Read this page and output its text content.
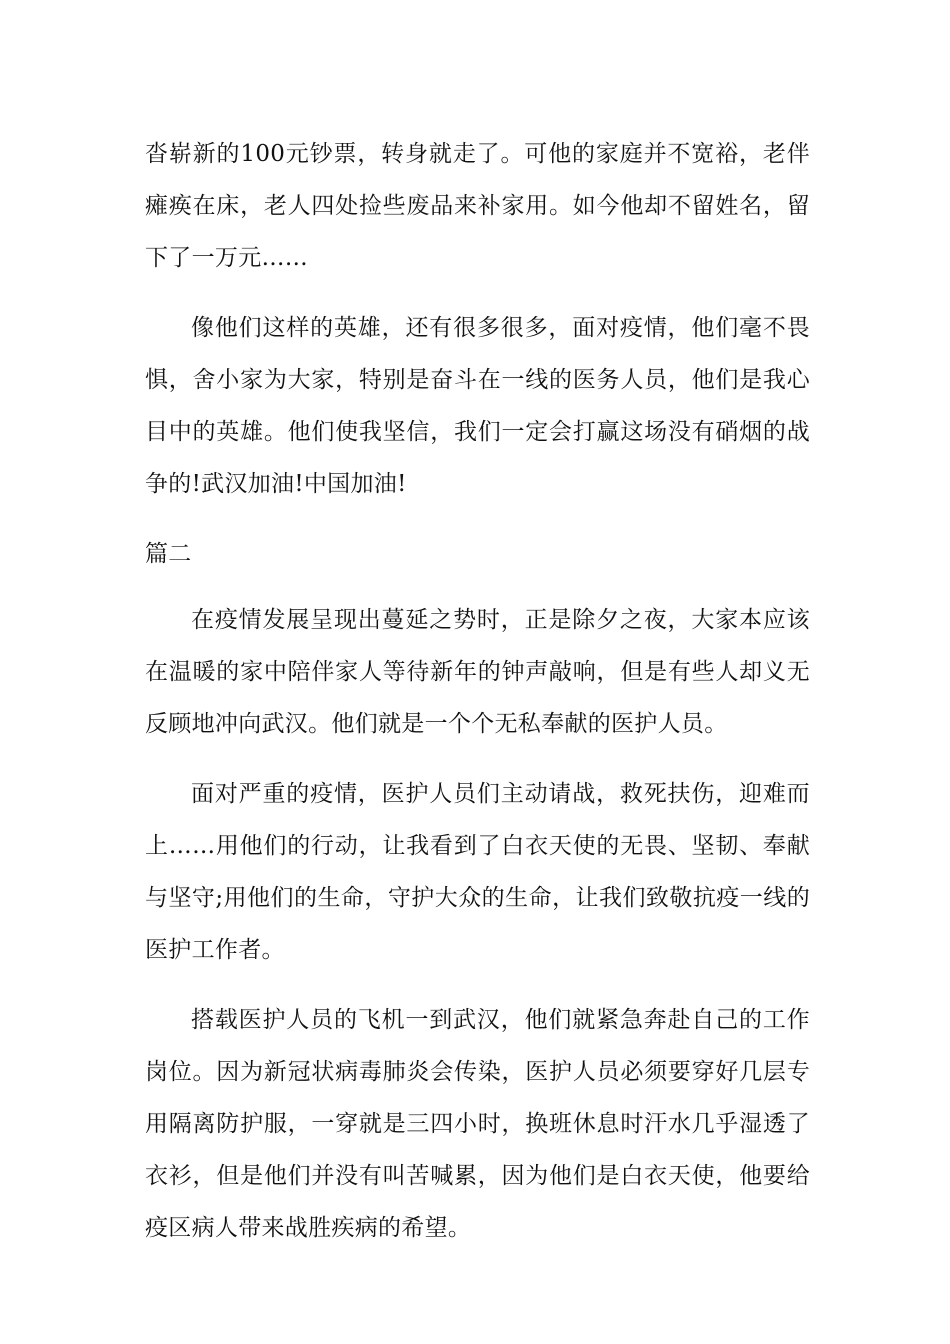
沓崭新的100元钞票，转身就走了。可他的家庭并不宽裕，老伴瘫痪在床，老人四处捡些废品来补家用。如今他却不留姓名，留下了一万元……

像他们这样的英雄，还有很多很多，面对疫情，他们毫不畏惧，舍小家为大家，特别是奋斗在一线的医务人员，他们是我心目中的英雄。他们使我坚信，我们一定会打赢这场没有硝烟的战争的!武汉加油!中国加油!

篇二

在疫情发展呈现出蔓延之势时，正是除夕之夜，大家本应该在温暖的家中陪伴家人等待新年的钟声敲响，但是有些人却义无反顾地冲向武汉。他们就是一个个无私奉献的医护人员。

面对严重的疫情，医护人员们主动请战，救死扶伤，迎难而上……用他们的行动，让我看到了白衣天使的无畏、坚韧、奉献与坚守;用他们的生命，守护大众的生命，让我们致敬抗疫一线的医护工作者。

搭载医护人员的飞机一到武汉，他们就紧急奔赴自己的工作岗位。因为新冠状病毒肺炎会传染，医护人员必须要穿好几层专用隔离防护服，一穿就是三四小时，换班休息时汗水几乎湿透了衣衫，但是他们并没有叫苦喊累，因为他们是白衣天使，他要给疫区病人带来战胜疾病的希望。
